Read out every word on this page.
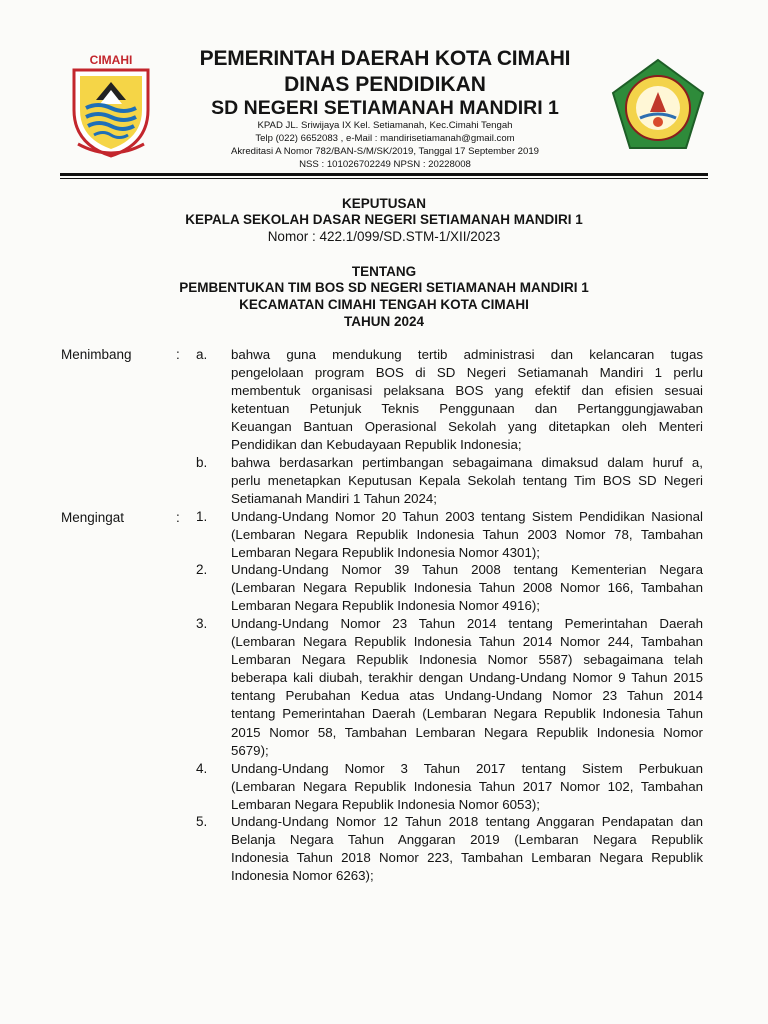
CIMAHI	PEMERINTAH DAERAH KOTA CIMAHI
DINAS PENDIDIKAN
SD NEGERI SETIAMANAH MANDIRI 1
KPAD JL. Sriwijaya IX Kel. Setiamanah, Kec.Cimahi Tengah
Telp (022) 6652083 , e-Mail : mandirisetiamanah@gmail.com
Akreditasi A Nomor 782/BAN-S/M/SK/2019, Tanggal 17 September 2019
NSS : 101026702249 NPSN : 20228008
KEPUTUSAN
KEPALA SEKOLAH DASAR NEGERI SETIAMANAH MANDIRI 1
Nomor : 422.1/099/SD.STM-1/XII/2023
TENTANG
PEMBENTUKAN TIM BOS SD NEGERI SETIAMANAH MANDIRI 1
KECAMATAN CIMAHI TENGAH KOTA CIMAHI
TAHUN 2024
Menimbang	: a. bahwa guna mendukung tertib administrasi dan kelancaran tugas
pengelolaan program BOS di SD Negeri Setiamanah Mandiri 1 perlu
membentuk organisasi pelaksana BOS yang efektif dan efisien sesuai
ketentuan Petunjuk Teknis Penggunaan dan Pertanggungjawaban
Keuangan Bantuan Operasional Sekolah yang ditetapkan oleh Menteri
Pendidikan dan Kebudayaan Republik Indonesia;
b. bahwa berdasarkan pertimbangan sebagaimana dimaksud dalam huruf a,
perlu menetapkan Keputusan Kepala Sekolah tentang Tim BOS SD Negeri
Setiamanah Mandiri 1 Tahun 2024;
Mengingat	: 1. Undang-Undang Nomor 20 Tahun 2003 tentang Sistem Pendidikan Nasional
(Lembaran Negara Republik Indonesia Tahun 2003 Nomor 78, Tambahan
Lembaran Negara Republik Indonesia Nomor 4301);
2. Undang-Undang Nomor 39 Tahun 2008 tentang Kementerian Negara
(Lembaran Negara Republik Indonesia Tahun 2008 Nomor 166, Tambahan
Lembaran Negara Republik Indonesia Nomor 4916);
3. Undang-Undang Nomor 23 Tahun 2014 tentang Pemerintahan Daerah
(Lembaran Negara Republik Indonesia Tahun 2014 Nomor 244, Tambahan
Lembaran Negara Republik Indonesia Nomor 5587) sebagaimana telah
beberapa kali diubah, terakhir dengan Undang-Undang Nomor 9 Tahun 2015
tentang Perubahan Kedua atas Undang-Undang Nomor 23 Tahun 2014
tentang Pemerintahan Daerah (Lembaran Negara Republik Indonesia Tahun
2015 Nomor 58, Tambahan Lembaran Negara Republik Indonesia Nomor
5679);
4. Undang-Undang Nomor 3 Tahun 2017 tentang Sistem Perbukuan
(Lembaran Negara Republik Indonesia Tahun 2017 Nomor 102, Tambahan
Lembaran Negara Republik Indonesia Nomor 6053);
5. Undang-Undang Nomor 12 Tahun 2018 tentang Anggaran Pendapatan dan
Belanja Negara Tahun Anggaran 2019 (Lembaran Negara Republik
Indonesia Tahun 2018 Nomor 223, Tambahan Lembaran Negara Republik
Indonesia Nomor 6263);
